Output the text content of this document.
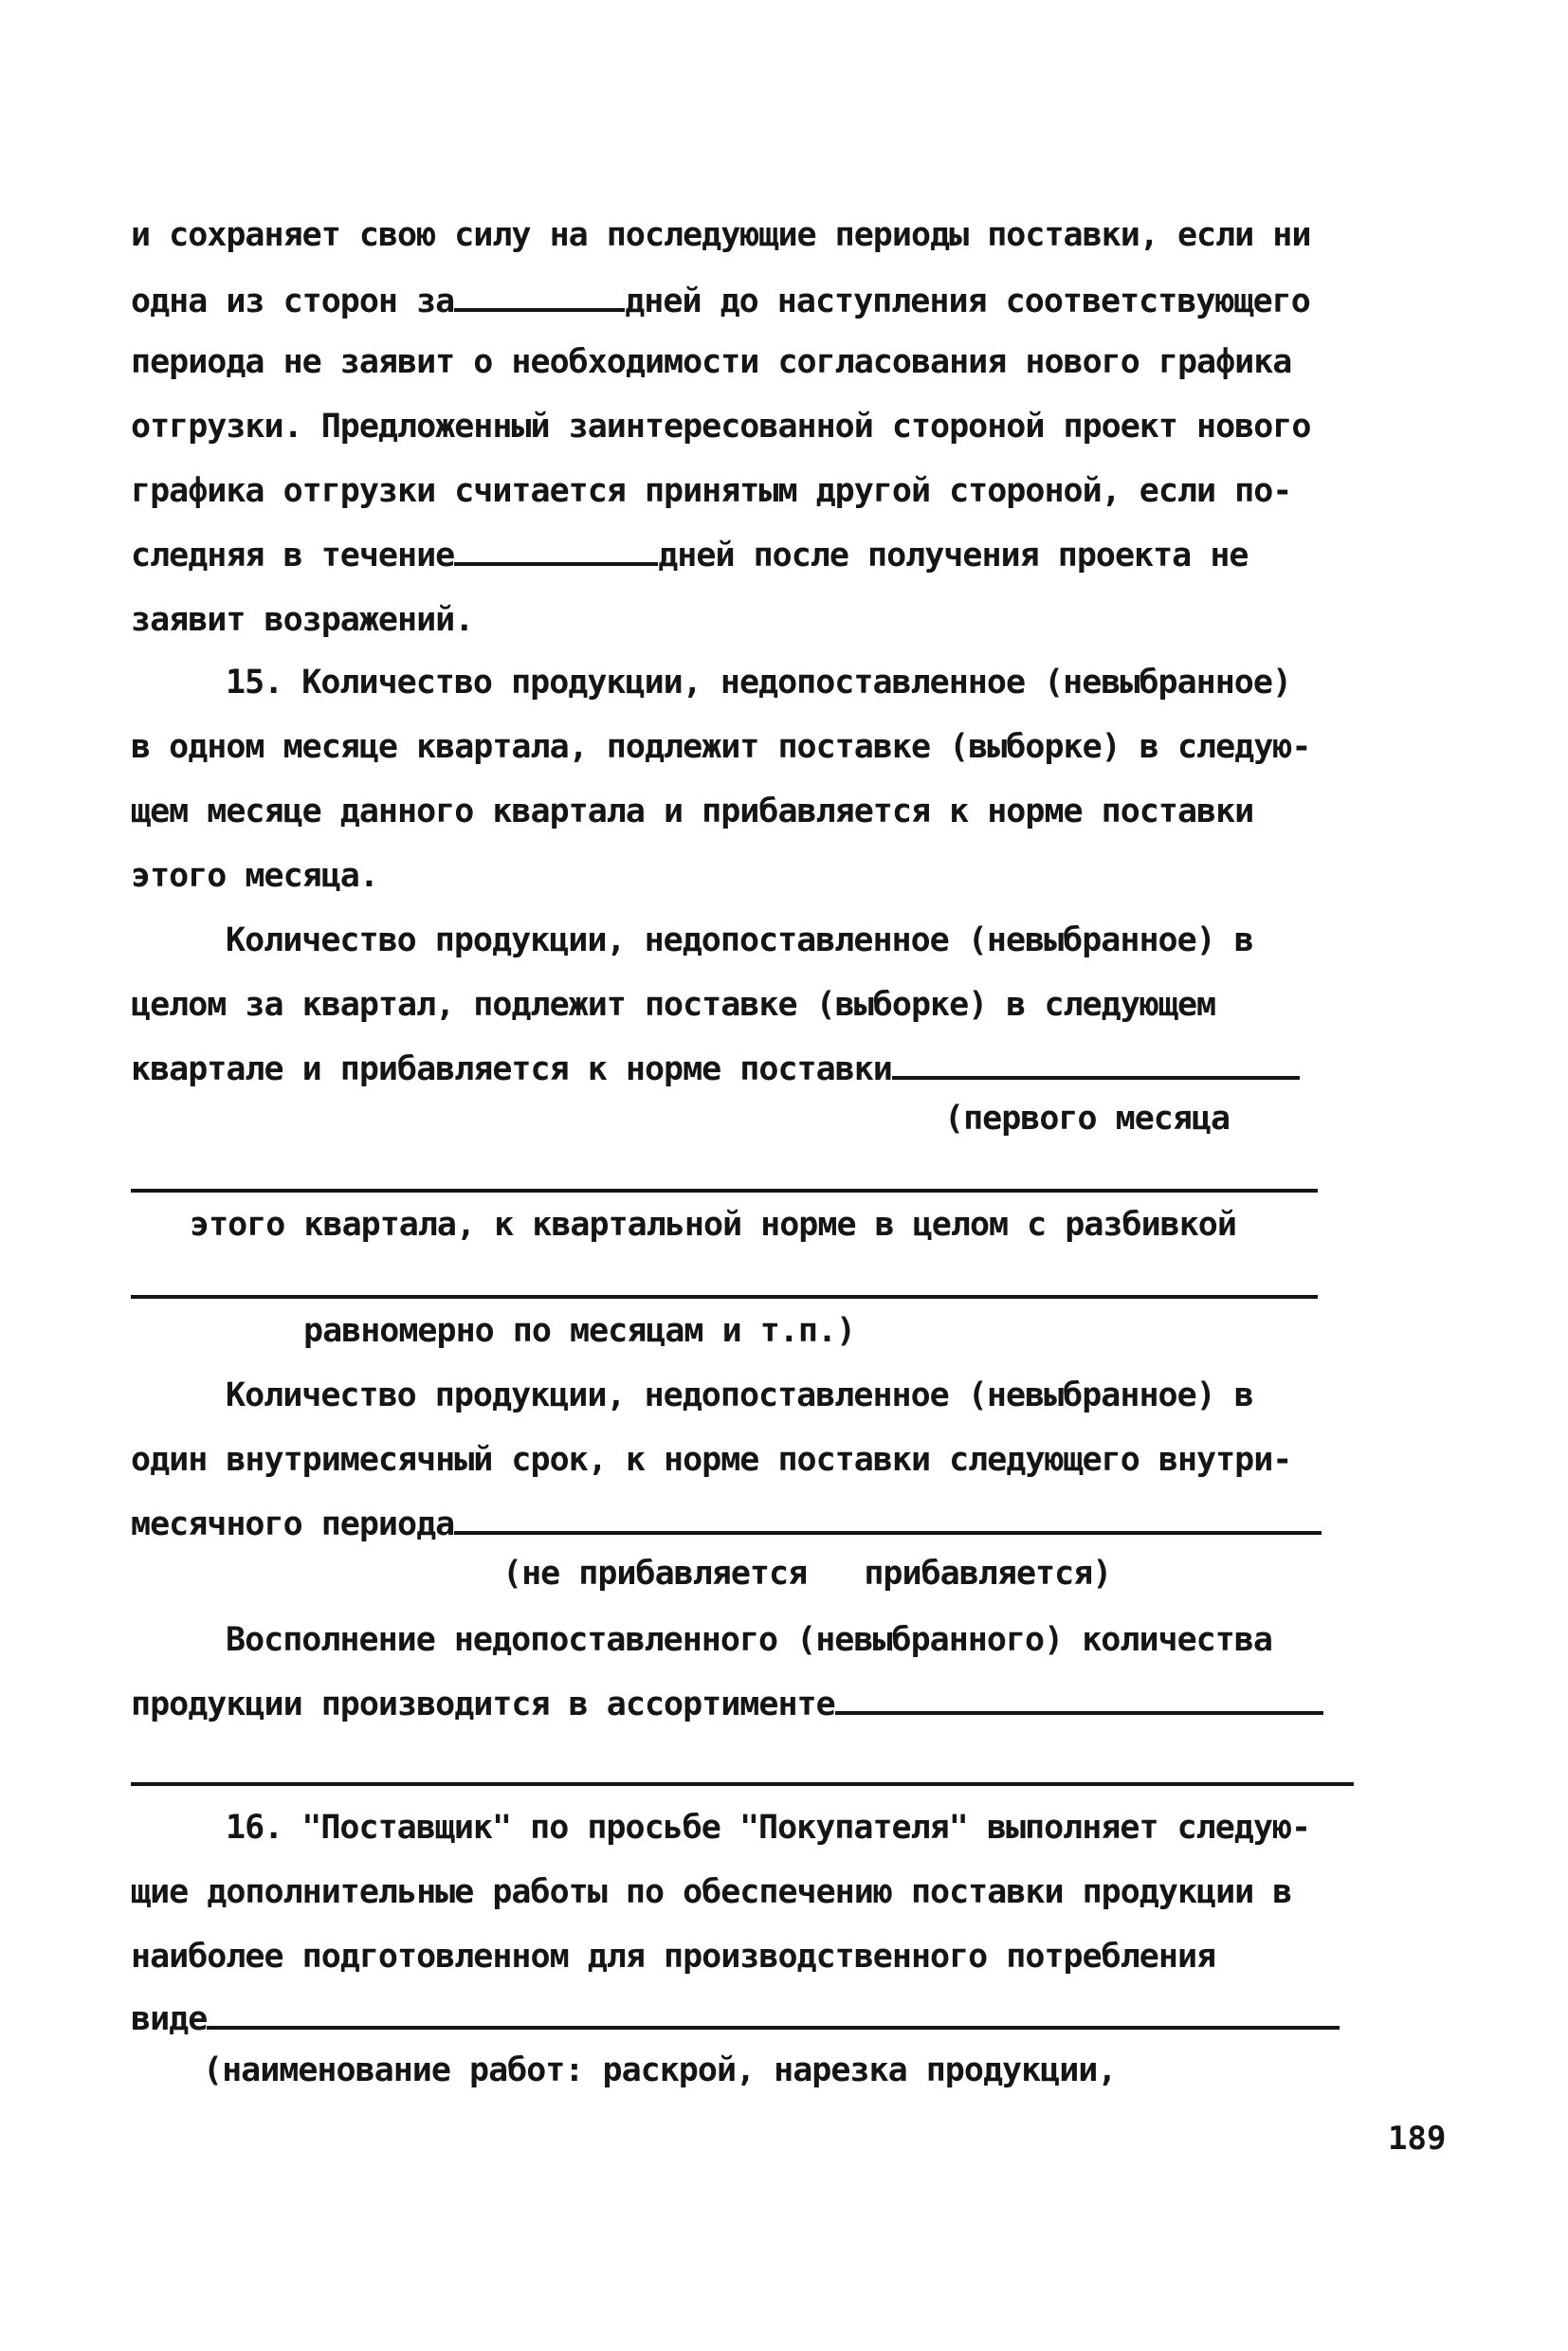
и сохраняет свою силу на последующие периоды поставки, если ни
одна из сторон за	дней до наступления соответствующего
периода не заявит о необходимости согласования нового графика
отгрузки. Предложенный заинтересованной стороной проект нового
графика отгрузки считается принятым другой стороной, если по-
следняя в течение	дней после получения проекта не
заявит возражений.
15. Количество продукции, недопоставленное (невыбранное)
в одном месяце квартала, подлежит поставке (выборке) в следую-
щем месяце данного квартала и прибавляется к норме поставки
этого месяца.
Количество продукции, недопоставленное (невыбранное) в
целом за квартал, подлежит поставке (выборке) в следующем
квартале и прибавляется к норме поставки
(первого месяца
этого квартала, к квартальной норме в целом с разбивкой
равномерно по месяцам и т.п.)
Количество продукции, недопоставленное (невыбранное) в
один внутримесячный срок, к норме поставки следующего внутри-
месячного периода
(не прибавляется   прибавляется)
Восполнение недопоставленного (невыбранного) количества
продукции производится в ассортименте
16. "Поставщик" по просьбе "Покупателя" выполняет следую-
щие дополнительные работы по обеспечению поставки продукции в
наиболее подготовленном для производственного потребления
виде
(наименование работ: раскрой, нарезка продукции,
189
